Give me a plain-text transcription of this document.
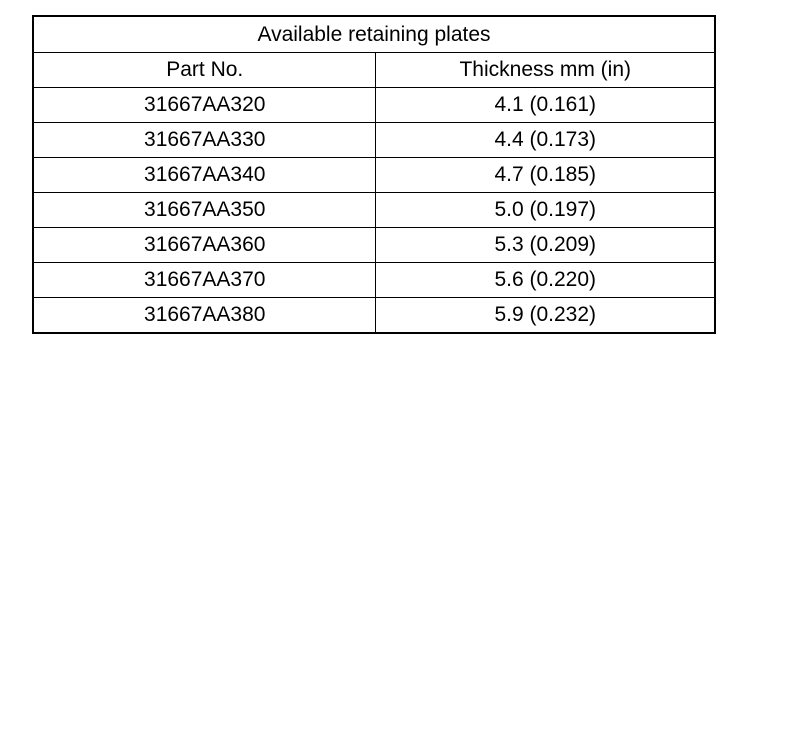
Available retaining plates	
Part No.	Thickness mm (in)
31667AA320	4.1 (0.161)
31667AA330	4.4 (0.173)
31667AA340	4.7 (0.185)
31667AA350	5.0 (0.197)
31667AA360	5.3 (0.209)
31667AA370	5.6 (0.220)
31667AA380	5.9 (0.232)
